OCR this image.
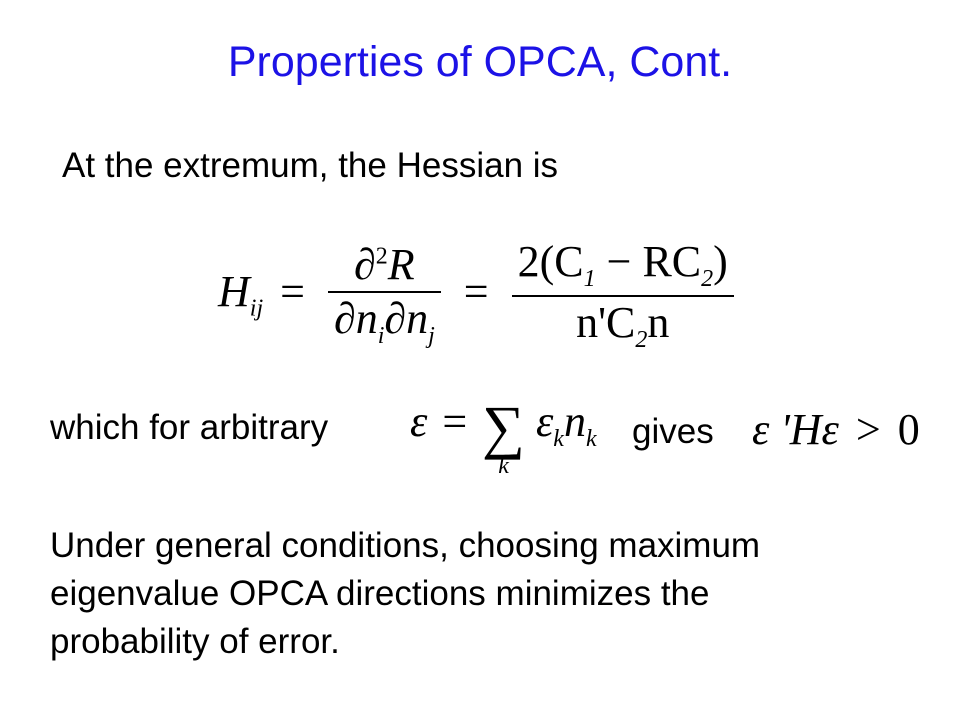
Properties of OPCA, Cont.
At the extremum, the Hessian is
$H_{ij} = \frac{\partial^2R}{\partial n_i\partial n_j} = \frac{2(C_1 - RC_2)}{n'C_2n}$
which for arbitrary ε = ∑
k
$\varepsilon_kn_k$ gives ε 'Hε > 0
Under general conditions, choosing maximum
eigenvalue OPCA directions minimizes the
probability of error.
